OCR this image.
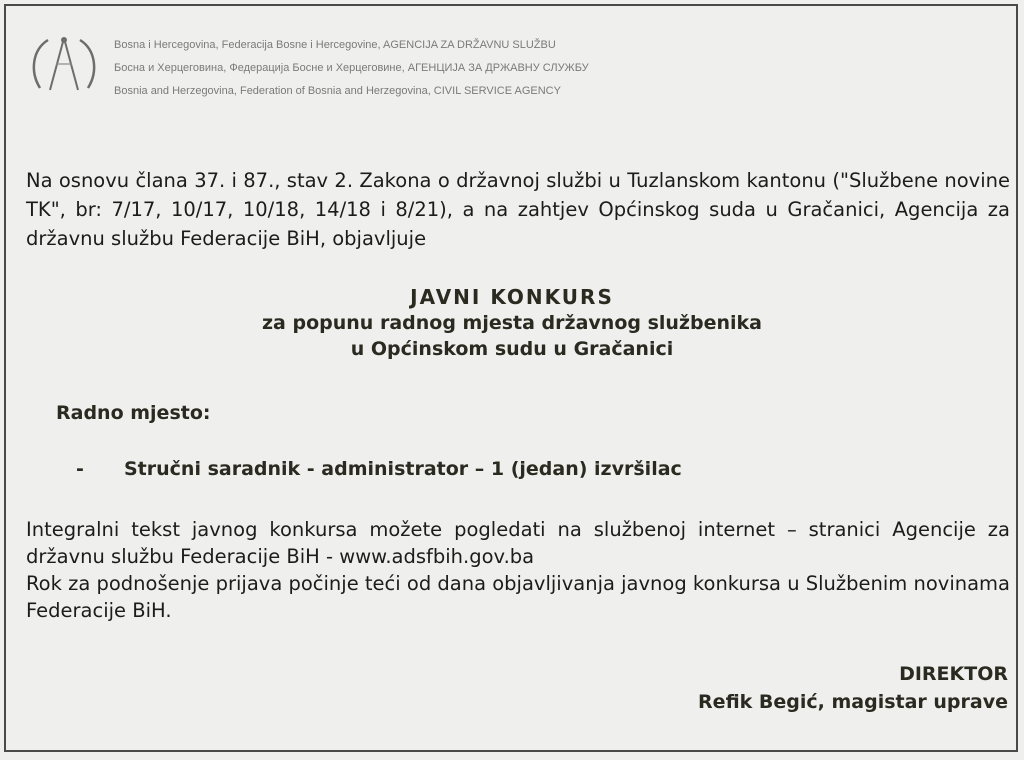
Bosna i Hercegovina, Federacija Bosne i Hercegovine, AGENCIJA ZA DRŽAVNU SLUŽBU
Босна и Херцеговина, Федерација Босне и Херцеговине, АГЕНЦИЈА ЗА ДРЖАВНУ СЛУЖБУ
Bosnia and Herzegovina, Federation of Bosnia and Herzegovina, CIVIL SERVICE AGENCY
Na osnovu člana 37. i 87., stav 2. Zakona o državnoj službi u Tuzlanskom kantonu ("Službene novine TK", br: 7/17, 10/17, 10/18, 14/18 i 8/21), a na zahtjev Općinskog suda u Gračanici, Agencija za državnu službu Federacije BiH, objavljuje
JAVNI KONKURS
za popunu radnog mjesta državnog službenika
u Općinskom sudu u Gračanici
Radno mjesto:
- Stručni saradnik - administrator – 1 (jedan) izvršilac

Integralni tekst javnog konkursa možete pogledati na službenoj internet – stranici Agencije za državnu službu Federacije BiH - www.adsfbih.gov.ba

Rok za podnošenje prijava počinje teći od dana objavljivanja javnog konkursa u Službenim novinama Federacije BiH.

DIREKTOR
Refik Begić, magistar uprave
